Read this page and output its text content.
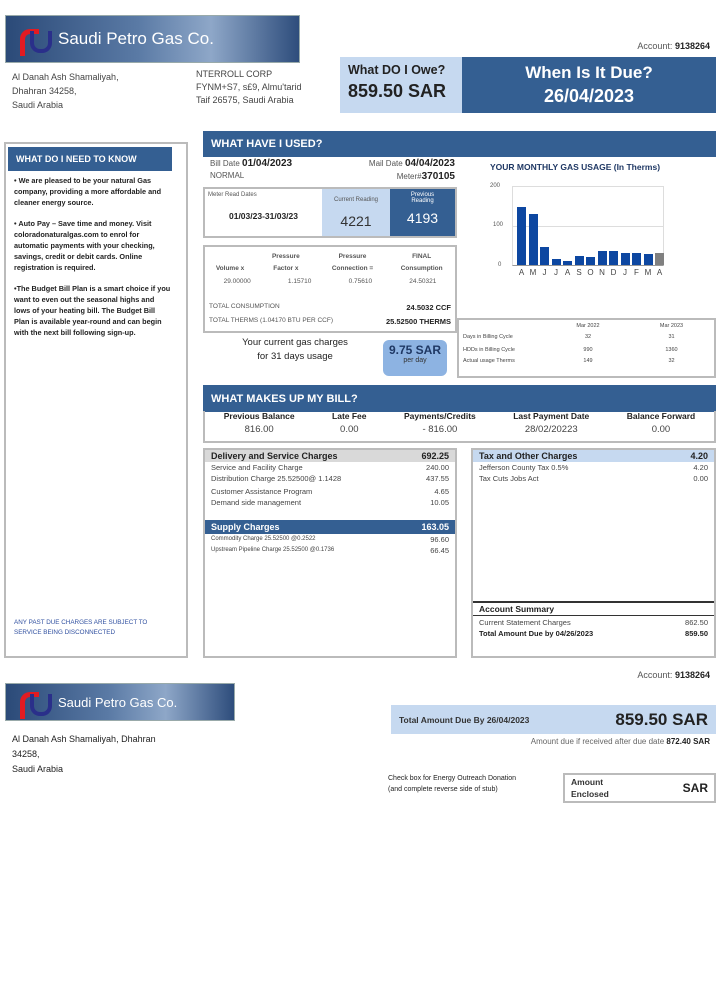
Saudi Petro Gas Co.	Account: 9138264
Al Danah Ash Shamaliyah,
Dhahran 34258,
Saudi Arabia
NTERROLL CORP
FYNM+S7, s£9, Almu'tarid
Taif 26575, Saudi Arabia
What DO I Owe?
859.50 SAR
When Is It Due?
26/04/2023
WHAT DO I NEED TO KNOW

• We are pleased to be your natural Gas company, providing a more affordable and cleaner energy source.

• Auto Pay – Save time and money. Visit coloradonaturalgas.com to enrol for automatic payments with your checking, savings, credit or debit cards. Online registration is required.

•The Budget Bill Plan is a smart choice if you want to even out the seasonal highs and lows of your heating bill. The Budget Bill Plan is available year-round and can begin with the next bill following sign-up.

ANY PAST DUE CHARGES ARE SUBJECT TO SERVICE BEING DISCONNECTED
WHAT HAVE I USED?
Bill Date 01/04/2023	Mail Date 04/04/2023
NORMAL	Meter#370105
Meter Read Dates
01/03/23-31/03/23
Current Reading
4221
Previous Reading
4193
Volume x
Pressure Factor x
Pressure Connection =
FINAL Consumption
29.00000	1.15710	0.75610	24.50321
TOTAL CONSUMPTION	24.5032 CCF
TOTAL THERMS (1.04170 BTU PER CCF)	25.52500 THERMS
Your current gas charges
for 31 days usage	9.75 SAR
per day
YOUR MONTHLY GAS USAGE (In Therms)
200
100
0
A M J J A S O N D J F M A
Mar 2022	Mar 2023
Days in Billing Cycle	32	31
HDDs in Billing Cycle	990	1360
Actual usage Therms	149	32
WHAT MAKES UP MY BILL?
Previous Balance
816.00
Late Fee
0.00
Payments/Credits
- 816.00
Last Payment Date
28/02/20223
Balance Forward
0.00
Delivery and Service Charges	692.25
Service and Facility Charge	240.00
Distribution Charge 25.52500@ 1.1428	437.55
Customer Assistance Program	4.65
Demand side management	10.05
Supply Charges	163.05
Commodity Charge 25.52500 @0.2522	96.60
Upstream Pipeline Charge 25.52500 @0.1736	66.45
Tax and Other Charges	4.20
Jefferson County Tax 0.5%	4.20
Tax Cuts Jobs Act	0.00
Account Summary
Current Statement Charges	862.50
Total Amount Due by 04/26/2023	859.50
Account: 9138264
Saudi Petro Gas Co.
Al Danah Ash Shamaliyah, Dhahran
34258,
Saudi Arabia
Total Amount Due By 26/04/2023	859.50 SAR
Amount due if received after due date 872.40 SAR
Check box for Energy Outreach Donation
(and complete reverse side of stub)
Amount
Enclosed	SAR
